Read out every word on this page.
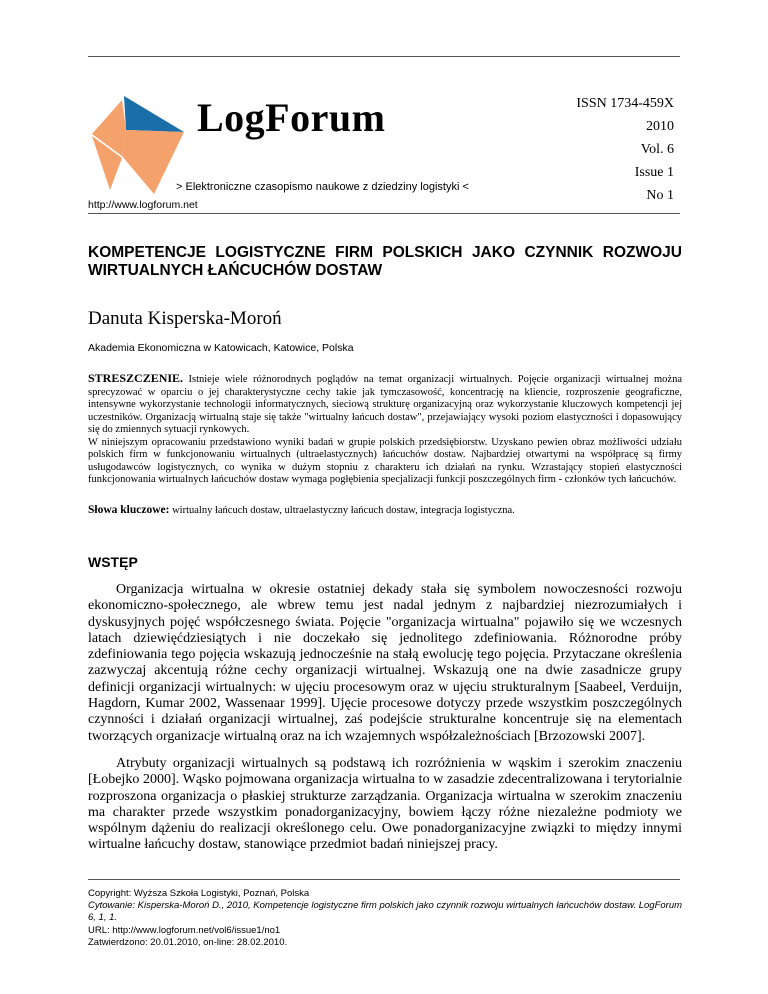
LogForum
> Elektroniczne czasopismo naukowe z dziedziny logistyki <
http://www.logforum.net
ISSN 1734-459X
2010
Vol. 6
Issue 1
No 1
KOMPETENCJE LOGISTYCZNE FIRM POLSKICH JAKO CZYNNIK ROZWOJU WIRTUALNYCH ŁAŃCUCHÓW DOSTAW
Danuta Kisperska-Moroń
Akademia Ekonomiczna w Katowicach, Katowice, Polska
STRESZCZENIE. Istnieje wiele różnorodnych poglądów na temat organizacji wirtualnych. Pojęcie organizacji wirtualnej można sprecyzować w oparciu o jej charakterystyczne cechy takie jak tymczasowość, koncentrację na kliencie, rozproszenie geograficzne, intensywne wykorzystanie technologii informatycznych, sieciową strukturę organizacyjną oraz wykorzystanie kluczowych kompetencji jej uczestników. Organizacją wirtualną staje się także "wirtualny łańcuch dostaw", przejawiający wysoki poziom elastyczności i dopasowujący się do zmiennych sytuacji rynkowych.
W niniejszym opracowaniu przedstawiono wyniki badań w grupie polskich przedsiębiorstw. Uzyskano pewien obraz możliwości udziału polskich firm w funkcjonowaniu wirtualnych (ultraelastycznych) łańcuchów dostaw. Najbardziej otwartymi na współpracę są firmy usługodawców logistycznych, co wynika w dużym stopniu z charakteru ich działań na rynku. Wzrastający stopień elastyczności funkcjonowania wirtualnych łańcuchów dostaw wymaga pogłębienia specjalizacji funkcji poszczególnych firm - członków tych łańcuchów.
Słowa kluczowe: wirtualny łańcuch dostaw, ultraelastyczny łańcuch dostaw, integracja logistyczna.
WSTĘP

Organizacja wirtualna w okresie ostatniej dekady stała się symbolem nowoczesności rozwoju ekonomiczno-społecznego, ale wbrew temu jest nadal jednym z najbardziej niezrozumiałych i dyskusyjnych pojęć współczesnego świata. Pojęcie "organizacja wirtualna" pojawiło się we wczesnych latach dziewięćdziesiątych i nie doczekało się jednolitego zdefiniowania. Różnorodne próby zdefiniowania tego pojęcia wskazują jednocześnie na stałą ewolucję tego pojęcia. Przytaczane określenia zazwyczaj akcentują różne cechy organizacji wirtualnej. Wskazują one na dwie zasadnicze grupy definicji organizacji wirtualnych: w ujęciu procesowym oraz w ujęciu strukturalnym [Saabeel, Verduijn, Hagdorn, Kumar 2002, Wassenaar 1999]. Ujęcie procesowe dotyczy przede wszystkim poszczególnych czynności i działań organizacji wirtualnej, zaś podejście strukturalne koncentruje się na elementach tworzących organizacje wirtualną oraz na ich wzajemnych współzależnościach [Brzozowski 2007].

Atrybuty organizacji wirtualnych są podstawą ich rozróżnienia w wąskim i szerokim znaczeniu [Łobejko 2000]. Wąsko pojmowana organizacja wirtualna to w zasadzie zdecentralizowana i terytorialnie rozproszona organizacja o płaskiej strukturze zarządzania. Organizacja wirtualna w szerokim znaczeniu ma charakter przede wszystkim ponadorganizacyjny, bowiem łączy różne niezależne podmioty we wspólnym dążeniu do realizacji określonego celu. Owe ponadorganizacyjne związki to między innymi wirtualne łańcuchy dostaw, stanowiące przedmiot badań niniejszej pracy.

Copyright: Wyższa Szkoła Logistyki, Poznań, Polska
Cytowanie: Kisperska-Moroń D., 2010, Kompetencje logistyczne firm polskich jako czynnik rozwoju wirtualnych łańcuchów dostaw. LogForum 6, 1, 1.
URL: http://www.logforum.net/vol6/issue1/no1
Zatwierdzono: 20.01.2010, on-line: 28.02.2010.
